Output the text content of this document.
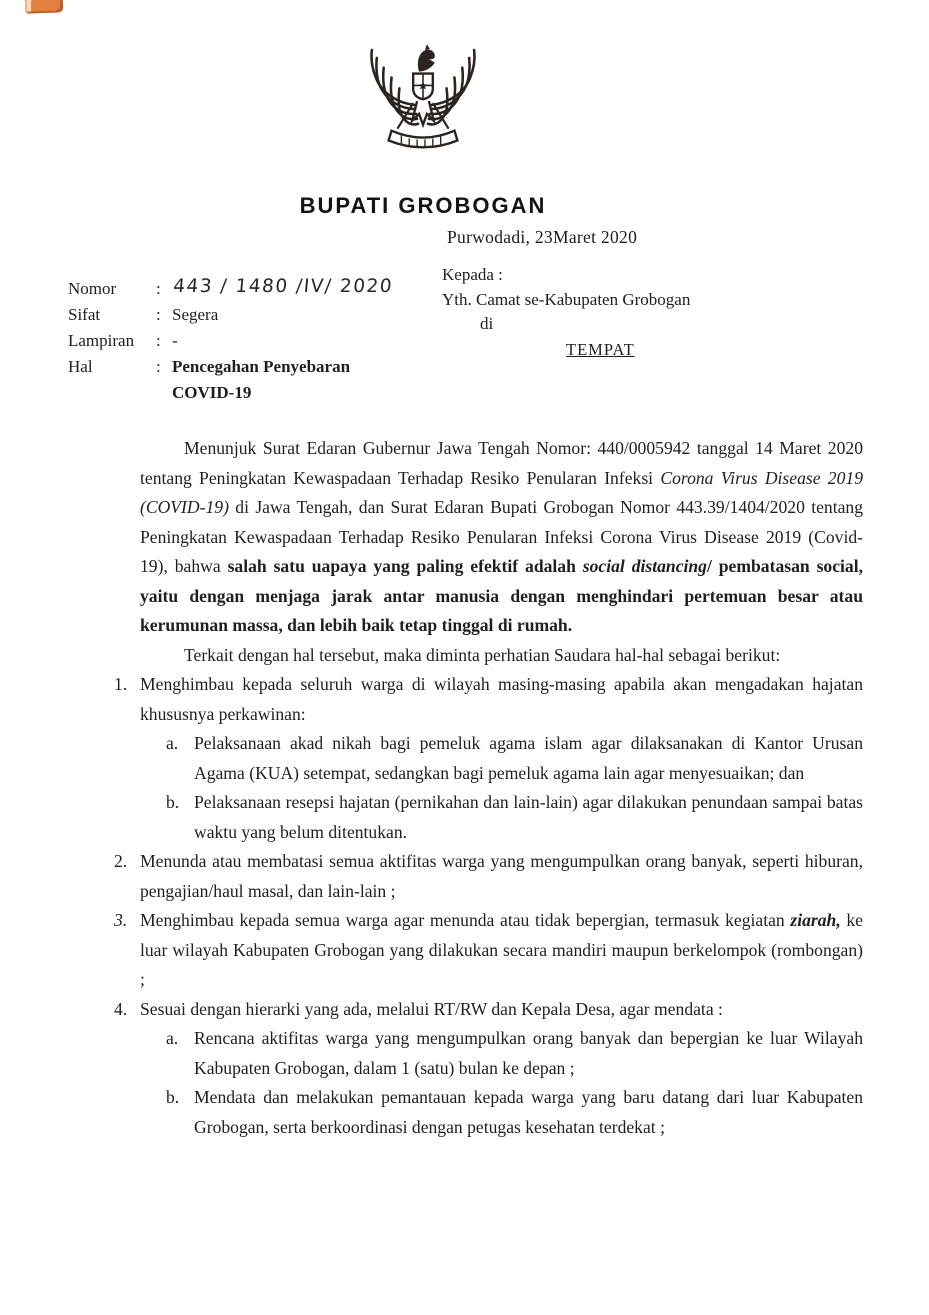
BUPATI GROBOGAN
Purwodadi, 23Maret 2020
Nomor	: 443 / 1480 /IV/ 2020
Sifat	: Segera
Lampiran	: -
Hal	: Pencegahan Penyebaran
COVID-19
Kepada :
Yth. Camat se-Kabupaten Grobogan
di
TEMPAT

Menunjuk Surat Edaran Gubernur Jawa Tengah Nomor: 440/0005942 tanggal 14 Maret 2020 tentang Peningkatan Kewaspadaan Terhadap Resiko Penularan Infeksi Corona Virus Disease 2019 (COVID-19) di Jawa Tengah, dan Surat Edaran Bupati Grobogan Nomor 443.39/1404/2020 tentang Peningkatan Kewaspadaan Terhadap Resiko Penularan Infeksi Corona Virus Disease 2019 (Covid-19), bahwa salah satu uapaya yang paling efektif adalah social distancing/ pembatasan social, yaitu dengan menjaga jarak antar manusia dengan menghindari pertemuan besar atau kerumunan massa, dan lebih baik tetap tinggal di rumah.

Terkait dengan hal tersebut, maka diminta perhatian Saudara hal-hal sebagai berikut:

1. Menghimbau kepada seluruh warga di wilayah masing-masing apabila akan mengadakan hajatan khususnya perkawinan:
a. Pelaksanaan akad nikah bagi pemeluk agama islam agar dilaksanakan di Kantor Urusan Agama (KUA) setempat, sedangkan bagi pemeluk agama lain agar menyesuaikan; dan
b. Pelaksanaan resepsi hajatan (pernikahan dan lain-lain) agar dilakukan penundaan sampai batas waktu yang belum ditentukan.
2. Menunda atau membatasi semua aktifitas warga yang mengumpulkan orang banyak, seperti hiburan, pengajian/haul masal, dan lain-lain ;
3. Menghimbau kepada semua warga agar menunda atau tidak bepergian, termasuk kegiatan ziarah, ke luar wilayah Kabupaten Grobogan yang dilakukan secara mandiri maupun berkelompok (rombongan) ;
4. Sesuai dengan hierarki yang ada, melalui RT/RW dan Kepala Desa, agar mendata :
a. Rencana aktifitas warga yang mengumpulkan orang banyak dan bepergian ke luar Wilayah Kabupaten Grobogan, dalam 1 (satu) bulan ke depan ;
b. Mendata dan melakukan pemantauan kepada warga yang baru datang dari luar Kabupaten Grobogan, serta berkoordinasi dengan petugas kesehatan terdekat ;
